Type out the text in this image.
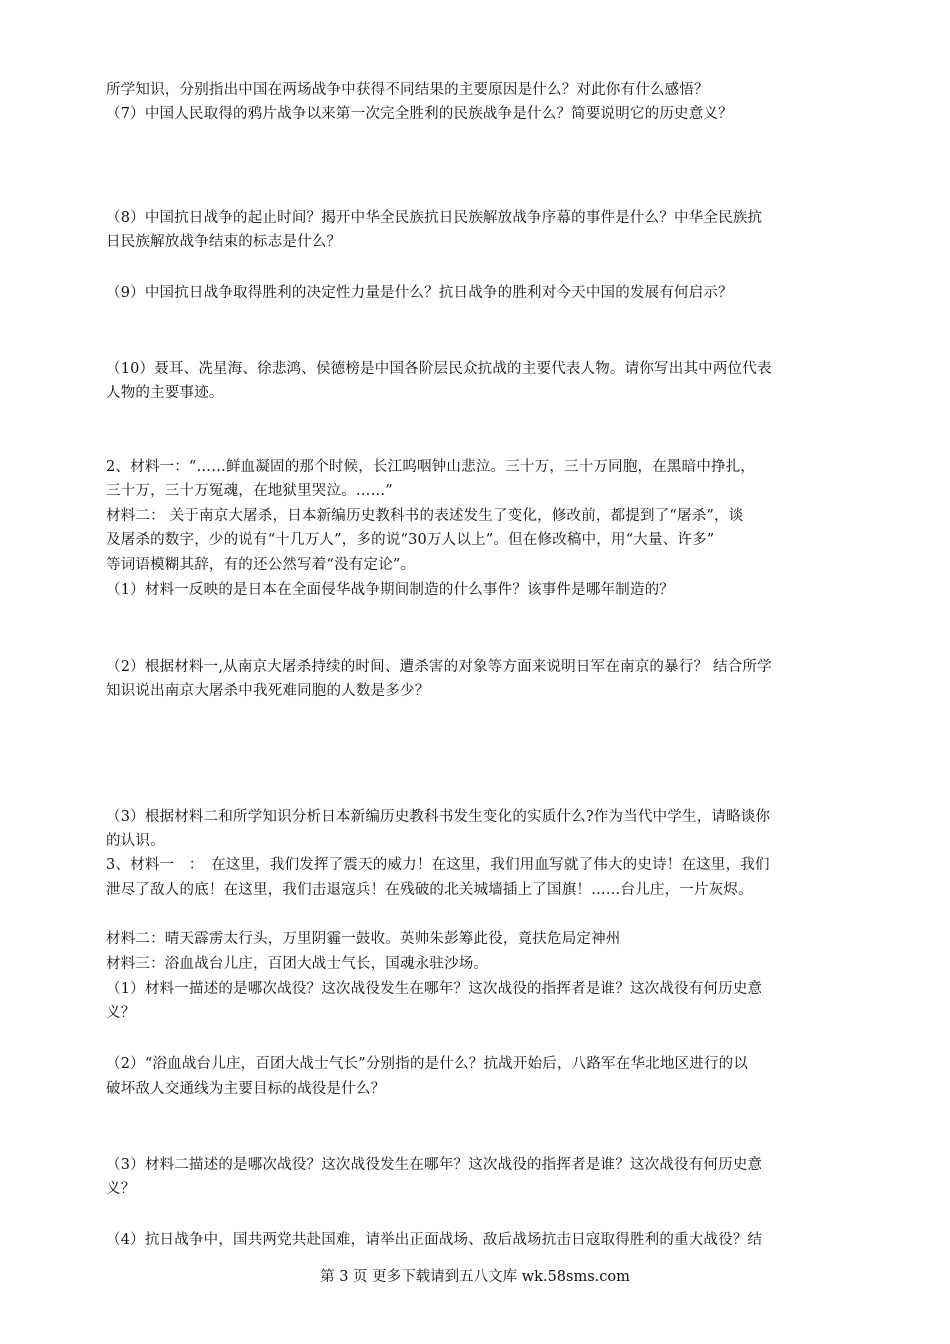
所学知识，分别指出中国在两场战争中获得不同结果的主要原因是什么？对此你有什么感悟？
（7）中国人民取得的鸦片战争以来第一次完全胜利的民族战争是什么？简要说明它的历史意义？
（8）中国抗日战争的起止时间？揭开中华全民族抗日民族解放战争序幕的事件是什么？中华全民族抗
日民族解放战争结束的标志是什么？
（9）中国抗日战争取得胜利的决定性力量是什么？抗日战争的胜利对今天中国的发展有何启示？
（10）聂耳、冼星海、徐悲鸿、侯德榜是中国各阶层民众抗战的主要代表人物。请你写出其中两位代表
人物的主要事迹。
2、材料一：“……鲜血凝固的那个时候，长江呜咽钟山悲泣。三十万，三十万同胞，在黑暗中挣扎，
三十万，三十万冤魂，在地狱里哭泣。……”
材料二： 关于南京大屠杀，日本新编历史教科书的表述发生了变化，修改前，都提到了“屠杀”，谈
及屠杀的数字，少的说有“十几万人”，多的说“30万人以上”。但在修改稿中，用“大量、许多”
等词语模糊其辞，有的还公然写着“没有定论”。
（1）材料一反映的是日本在全面侵华战争期间制造的什么事件？该事件是哪年制造的？
（2）根据材料一,从南京大屠杀持续的时间、遭杀害的对象等方面来说明日军在南京的暴行？ 结合所学
知识说出南京大屠杀中我死难同胞的人数是多少？
（3）根据材料二和所学知识分析日本新编历史教科书发生变化的实质什么?作为当代中学生，请略谈你
的认识。
3、材料一　：　在这里，我们发挥了震天的威力！在这里，我们用血写就了伟大的史诗！在这里，我们
泄尽了敌人的底！在这里，我们击退寇兵！在残破的北关城墙插上了国旗！……台儿庄，一片灰烬。
材料二：晴天霹雳太行头，万里阴霾一鼓收。英帅朱彭筹此役，竟扶危局定神州
材料三：浴血战台儿庄，百团大战士气长，国魂永驻沙场。
（1）材料一描述的是哪次战役？这次战役发生在哪年？这次战役的指挥者是谁？这次战役有何历史意
义？
（2）“浴血战台儿庄，百团大战士气长”分别指的是什么？抗战开始后，八路军在华北地区进行的以
破坏敌人交通线为主要目标的战役是什么？
（3）材料二描述的是哪次战役？这次战役发生在哪年？这次战役的指挥者是谁？这次战役有何历史意
义？
（4）抗日战争中，国共两党共赴国难，请举出正面战场、敌后战场抗击日寇取得胜利的重大战役？结
第 3 页 更多下载请到五八文库 wk.58sms.com
